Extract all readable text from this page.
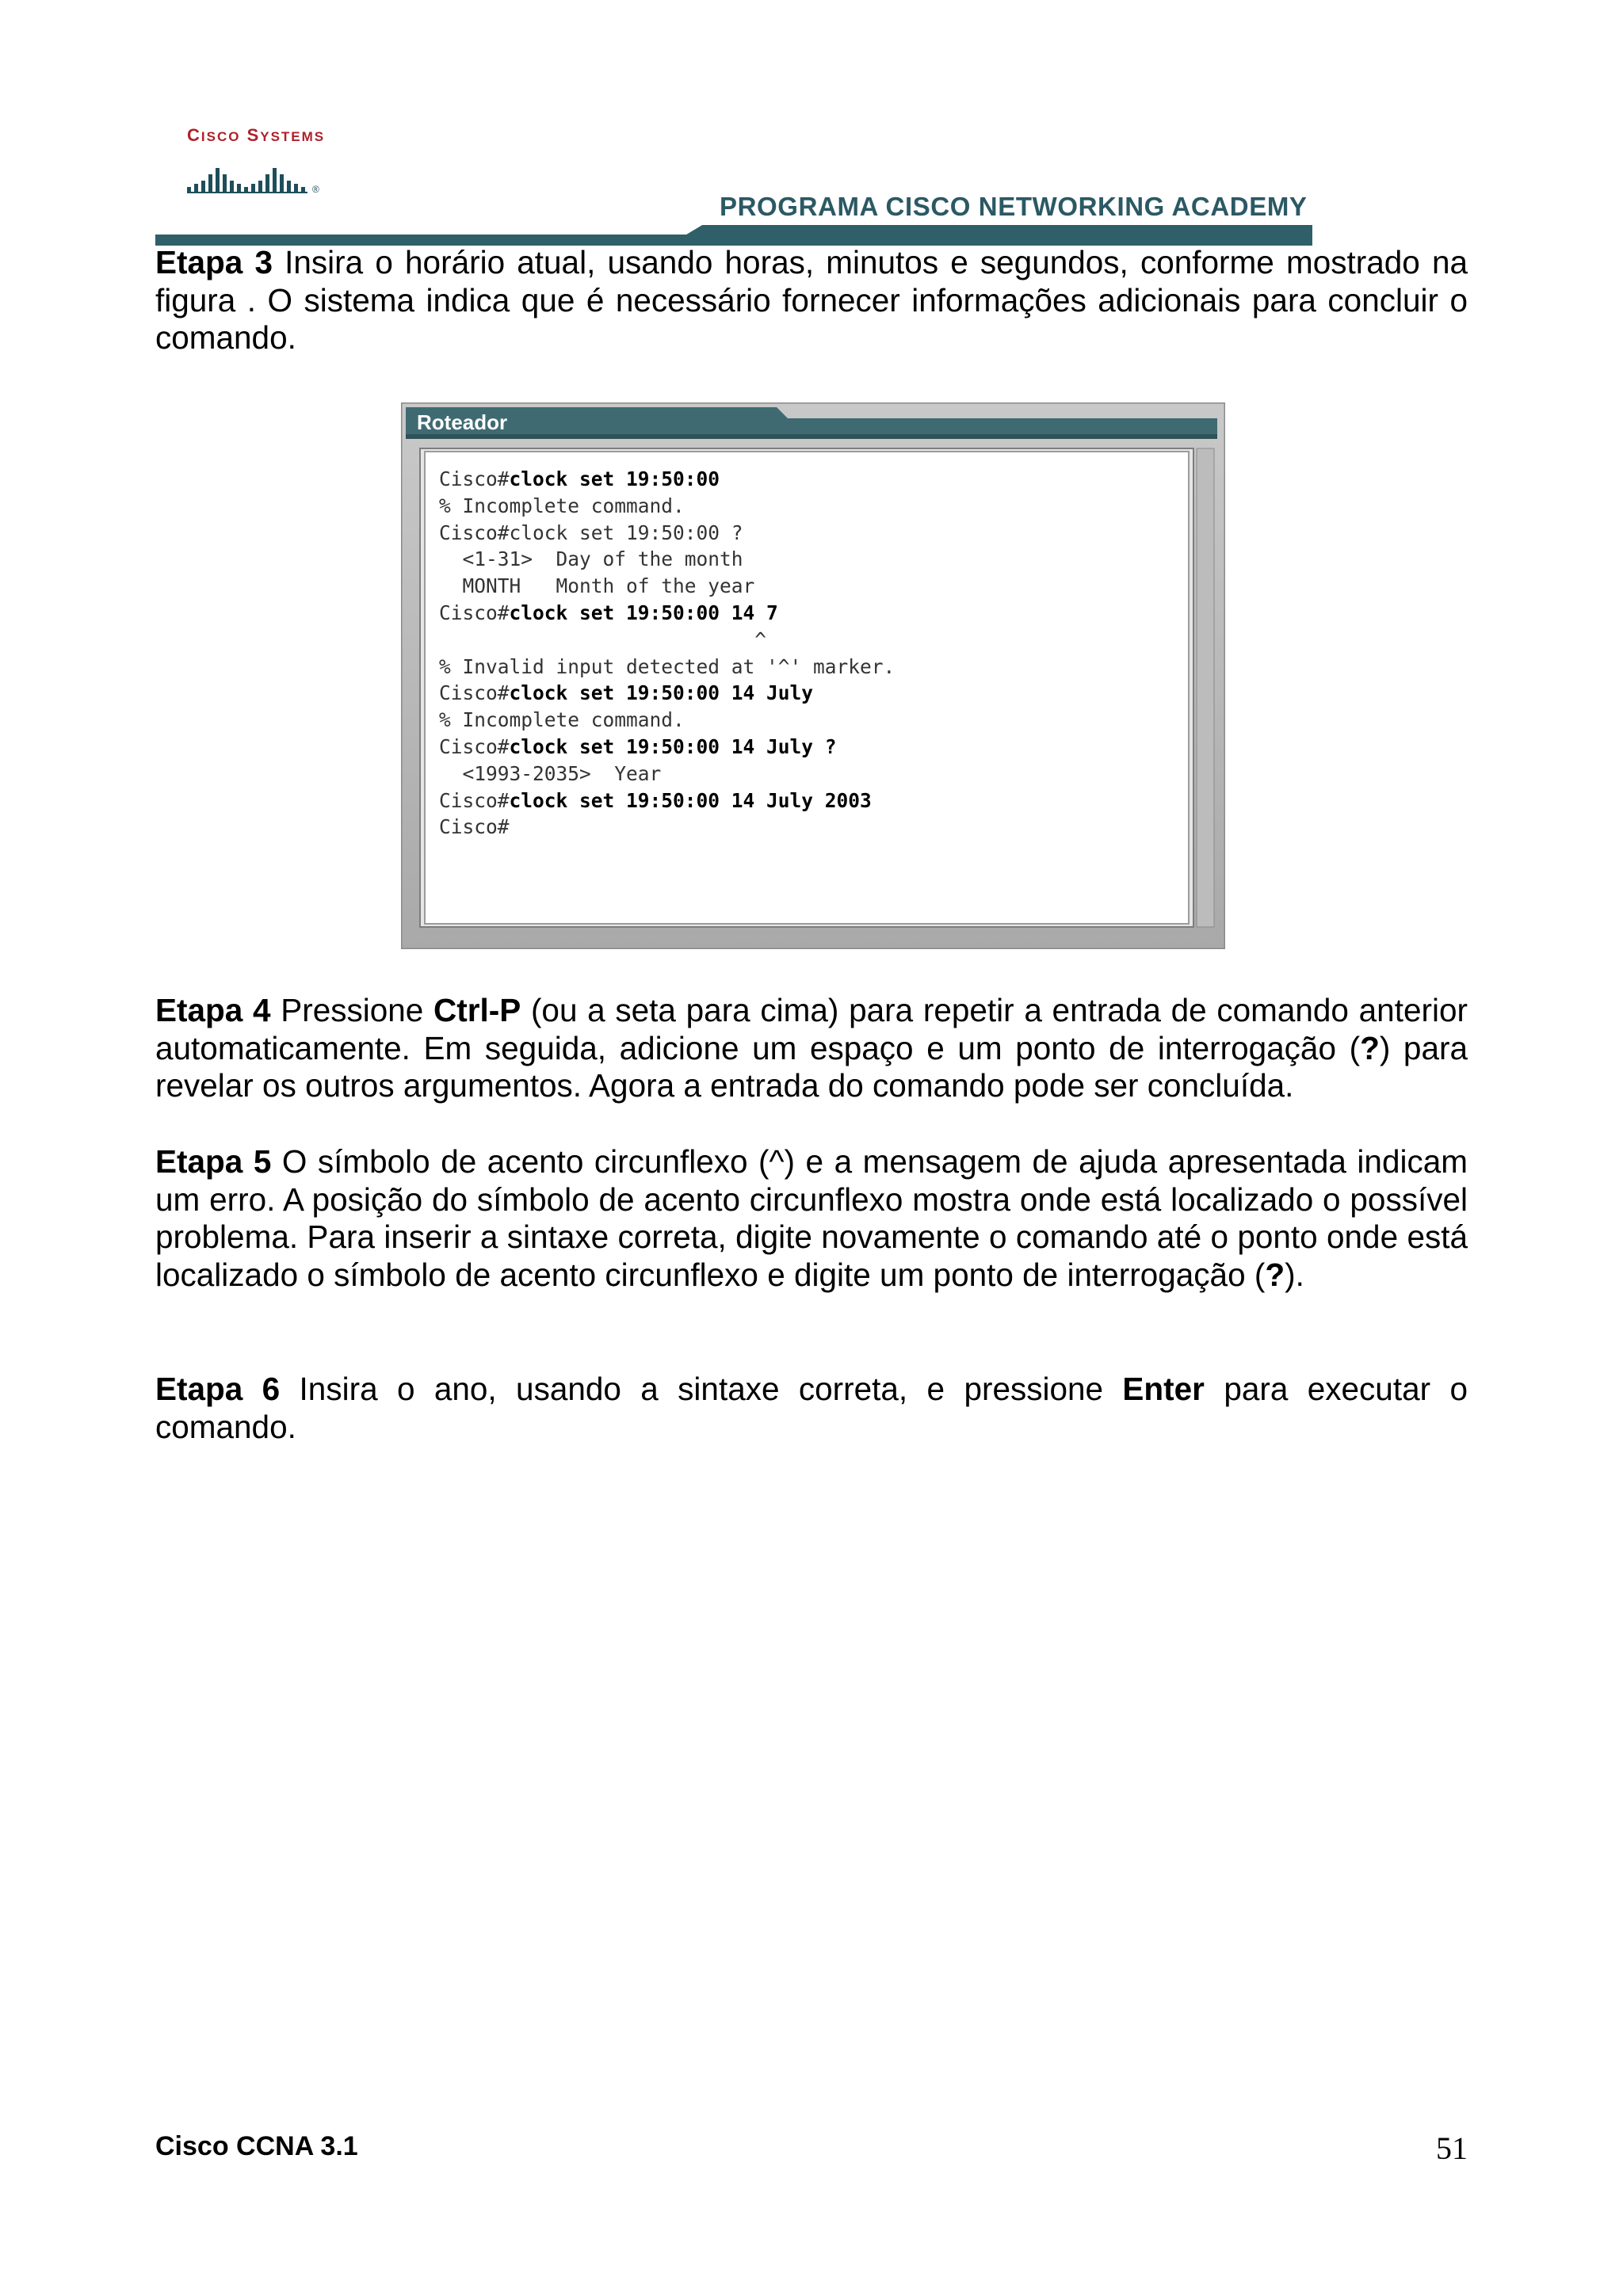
CISCO SYSTEMS
®
PROGRAMA CISCO NETWORKING ACADEMY
Etapa 3 Insira o horário atual, usando horas, minutos e segundos, conforme mostrado na figura . O sistema indica que é necessário fornecer informações adicionais para concluir o comando.
Roteador
Cisco#clock set 19:50:00
% Incomplete command.
Cisco#clock set 19:50:00 ?
<1-31>  Day of the month
MONTH   Month of the year
Cisco#clock set 19:50:00 14 7
^
% Invalid input detected at '^' marker.
Cisco#clock set 19:50:00 14 July
% Incomplete command.
Cisco#clock set 19:50:00 14 July ?
<1993-2035>  Year
Cisco#clock set 19:50:00 14 July 2003
Cisco#
Etapa 4 Pressione Ctrl-P (ou a seta para cima) para repetir a entrada de comando anterior automaticamente. Em seguida, adicione um espaço e um ponto de interrogação (?) para revelar os outros argumentos. Agora a entrada do comando pode ser concluída.
Etapa 5 O símbolo de acento circunflexo (^) e a mensagem de ajuda apresentada indicam um erro. A posição do símbolo de acento circunflexo mostra onde está localizado o possível problema. Para inserir a sintaxe correta, digite novamente o comando até o ponto onde está localizado o símbolo de acento circunflexo e digite um ponto de interrogação (?).
Etapa 6 Insira o ano, usando a sintaxe correta, e pressione Enter para executar o comando.
Cisco CCNA 3.1	51
